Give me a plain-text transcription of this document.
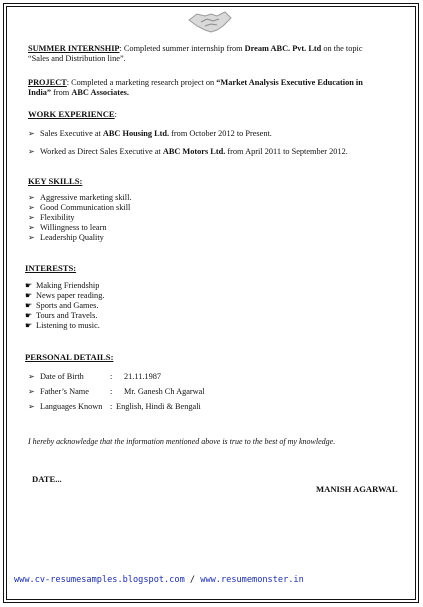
SUMMER INTERNSHIP: Completed summer internship from Dream ABC. Pvt. Ltd on the topic
“Sales and Distribution line”.
PROJECT: Completed a marketing research project on “Market Analysis Executive Education in
India” from ABC Associates.
WORK EXPERIENCE:
➢ Sales Executive at ABC Housing Ltd. from October 2012 to Present.
➢ Worked as Direct Sales Executive at ABC Motors Ltd. from April 2011 to September 2012.
KEY SKILLS:
➢ Aggressive marketing skill.
➢ Good Communication skill
➢ Flexibility
➢ Willingness to learn
➢ Leadership Quality
INTERESTS:
☛ Making Friendship
☛ News paper reading.
☛ Sports and Games.
☛ Tours and Travels.
☛ Listening to music.
PERSONAL DETAILS:
➢ Date of Birth	:	21.11.1987
➢ Father’s Name	:	Mr. Ganesh Ch Agarwal
➢ Languages Known : English, Hindi & Bengali
I hereby acknowledge that the information mentioned above is true to the best of my knowledge.
DATE...
MANISH AGARWAL
www.cv-resumesamples.blogspot.com / www.resumemonster.in
